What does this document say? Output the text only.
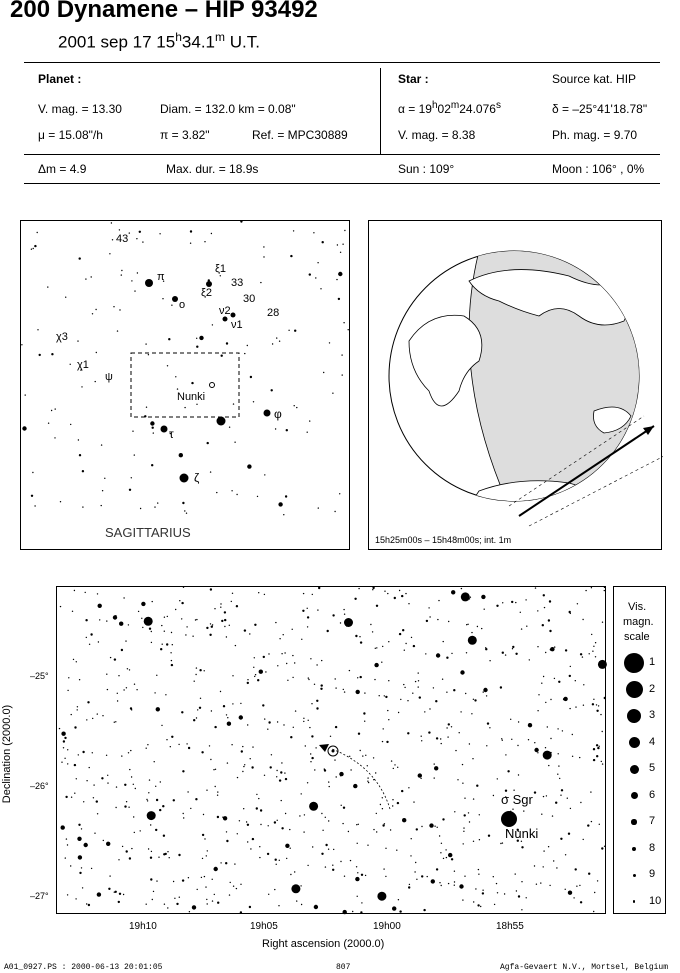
200 Dynamene – HIP 93492
2001 sep 17 15$^h$34.1$^m$ U.T.
Planet :
V. mag. = 13.30	Diam. = 132.0 km = 0.08"
μ = 15.08"/h	π = 3.82"	Ref. = MPC30889
Δm = 4.9	Max. dur. = 18.9s
Star :	Source kat. HIP
$\alpha = 19^h02^m24.076^s$	δ = –25°41'18.78"
V. mag. = 8.38	Ph. mag. = 9.70
Sun : 109°	Moon : 106° , 0%
43
π
ξ1
33
ξ2
ο	30
ν2	28
ν1
χ3
χ1
ψ
Nunki
φ
τ
ζ
SAGITTARIUS	15h25m00s – 15h48m00s; int. 1m
σ Sgr
Nunki
–25°
–26°
–27°
19h10	19h05	19h00	18h55
Right ascension (2000.0)
Declination (2000.0)
Vis.
magn.
scale
1
2
3
4
5
6
7
8
9
10
A01_0927.PS : 2000-06-13 20:01:05	807	Agfa-Gevaert N.V., Mortsel, Belgium
